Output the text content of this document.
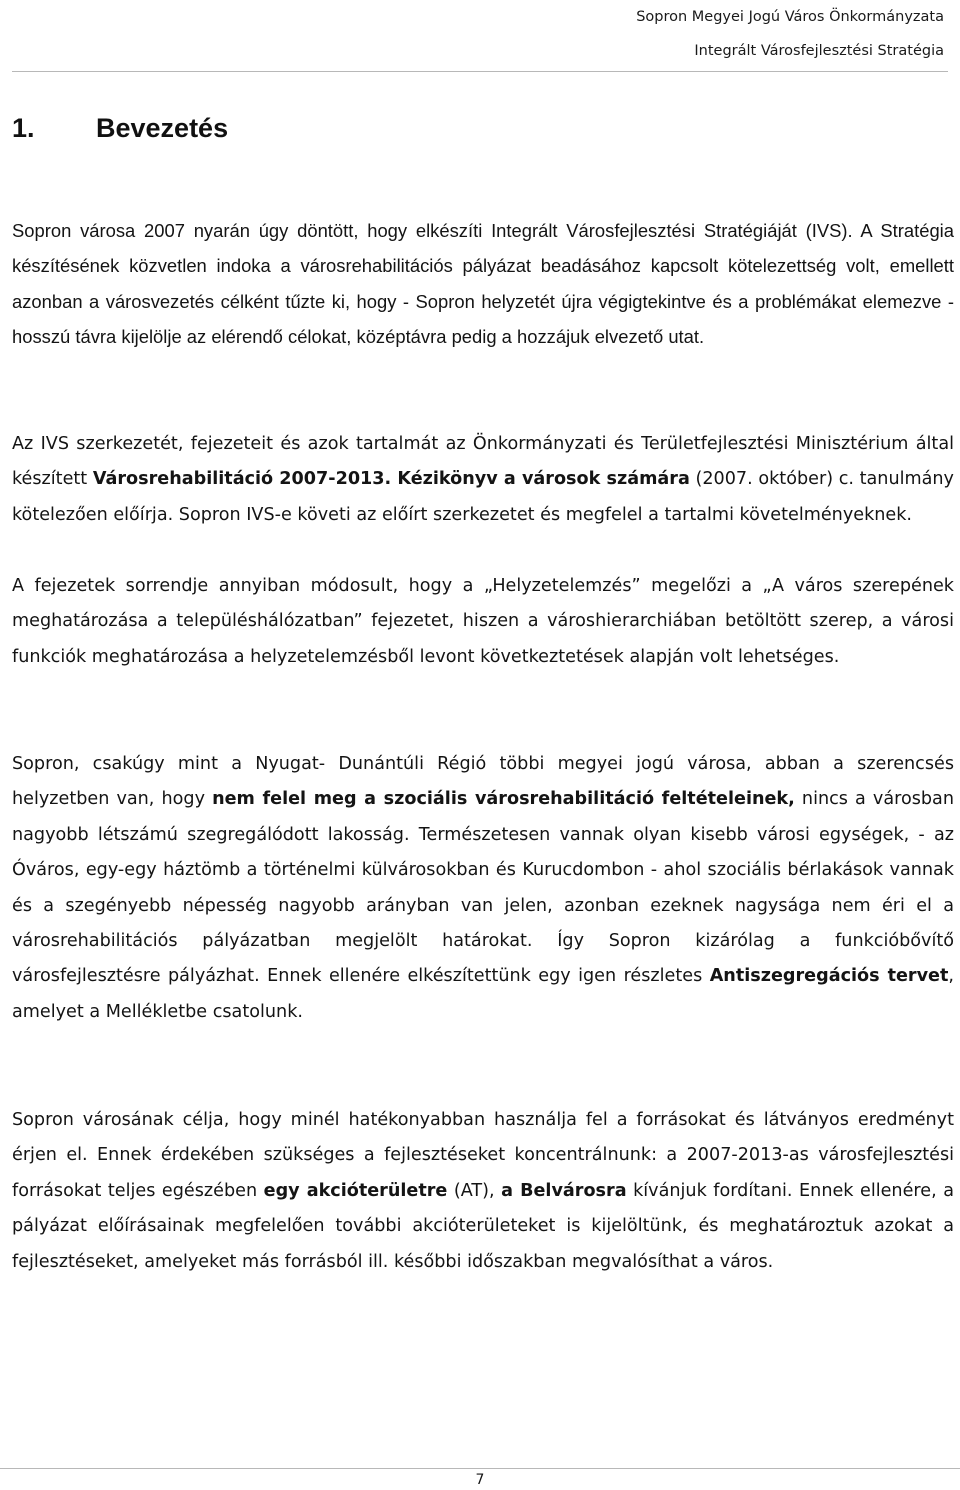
Sopron Megyei Jogú Város Önkormányzata
Integrált Városfejlesztési Stratégia
1. Bevezetés

Sopron városa 2007 nyarán úgy döntött, hogy elkészíti Integrált Városfejlesztési Stratégiáját (IVS). A Stratégia készítésének közvetlen indoka a városrehabilitációs pályázat beadásához kapcsolt kötelezettség volt, emellett azonban a városvezetés célként tűzte ki, hogy - Sopron helyzetét újra végigtekintve és a problémákat elemezve - hosszú távra kijelölje az elérendő célokat, középtávra pedig a hozzájuk elvezető utat.

Az IVS szerkezetét, fejezeteit és azok tartalmát az Önkormányzati és Területfejlesztési Minisztérium által készített Városrehabilitáció 2007-2013. Kézikönyv a városok számára (2007. október) c. tanulmány kötelezően előírja. Sopron IVS-e követi az előírt szerkezetet és megfelel a tartalmi követelményeknek.

A fejezetek sorrendje annyiban módosult, hogy a „Helyzetelemzés” megelőzi a „A város szerepének meghatározása a településhálózatban” fejezetet, hiszen a városhierarchiában betöltött szerep, a városi funkciók meghatározása a helyzetelemzésből levont következtetések alapján volt lehetséges.

Sopron, csakúgy mint a Nyugat- Dunántúli Régió többi megyei jogú városa, abban a szerencsés helyzetben van, hogy nem felel meg a szociális városrehabilitáció feltételeinek, nincs a városban nagyobb létszámú szegregálódott lakosság. Természetesen vannak olyan kisebb városi egységek, - az Óváros, egy-egy háztömb a történelmi külvárosokban és Kurucdombon - ahol szociális bérlakások vannak és a szegényebb népesség nagyobb arányban van jelen, azonban ezeknek nagysága nem éri el a városrehabilitációs pályázatban megjelölt határokat. Így Sopron kizárólag a funkcióbővítő városfejlesztésre pályázhat. Ennek ellenére elkészítettünk egy igen részletes Antiszegregációs tervet, amelyet a Mellékletbe csatolunk.

Sopron városának célja, hogy minél hatékonyabban használja fel a forrásokat és látványos eredményt érjen el. Ennek érdekében szükséges a fejlesztéseket koncentrálnunk: a 2007-2013-as városfejlesztési forrásokat teljes egészében egy akcióterületre (AT), a Belvárosra kívánjuk fordítani. Ennek ellenére, a pályázat előírásainak megfelelően további akcióterületeket is kijelöltünk, és meghatároztuk azokat a fejlesztéseket, amelyeket más forrásból ill. későbbi időszakban megvalósíthat a város.

7
